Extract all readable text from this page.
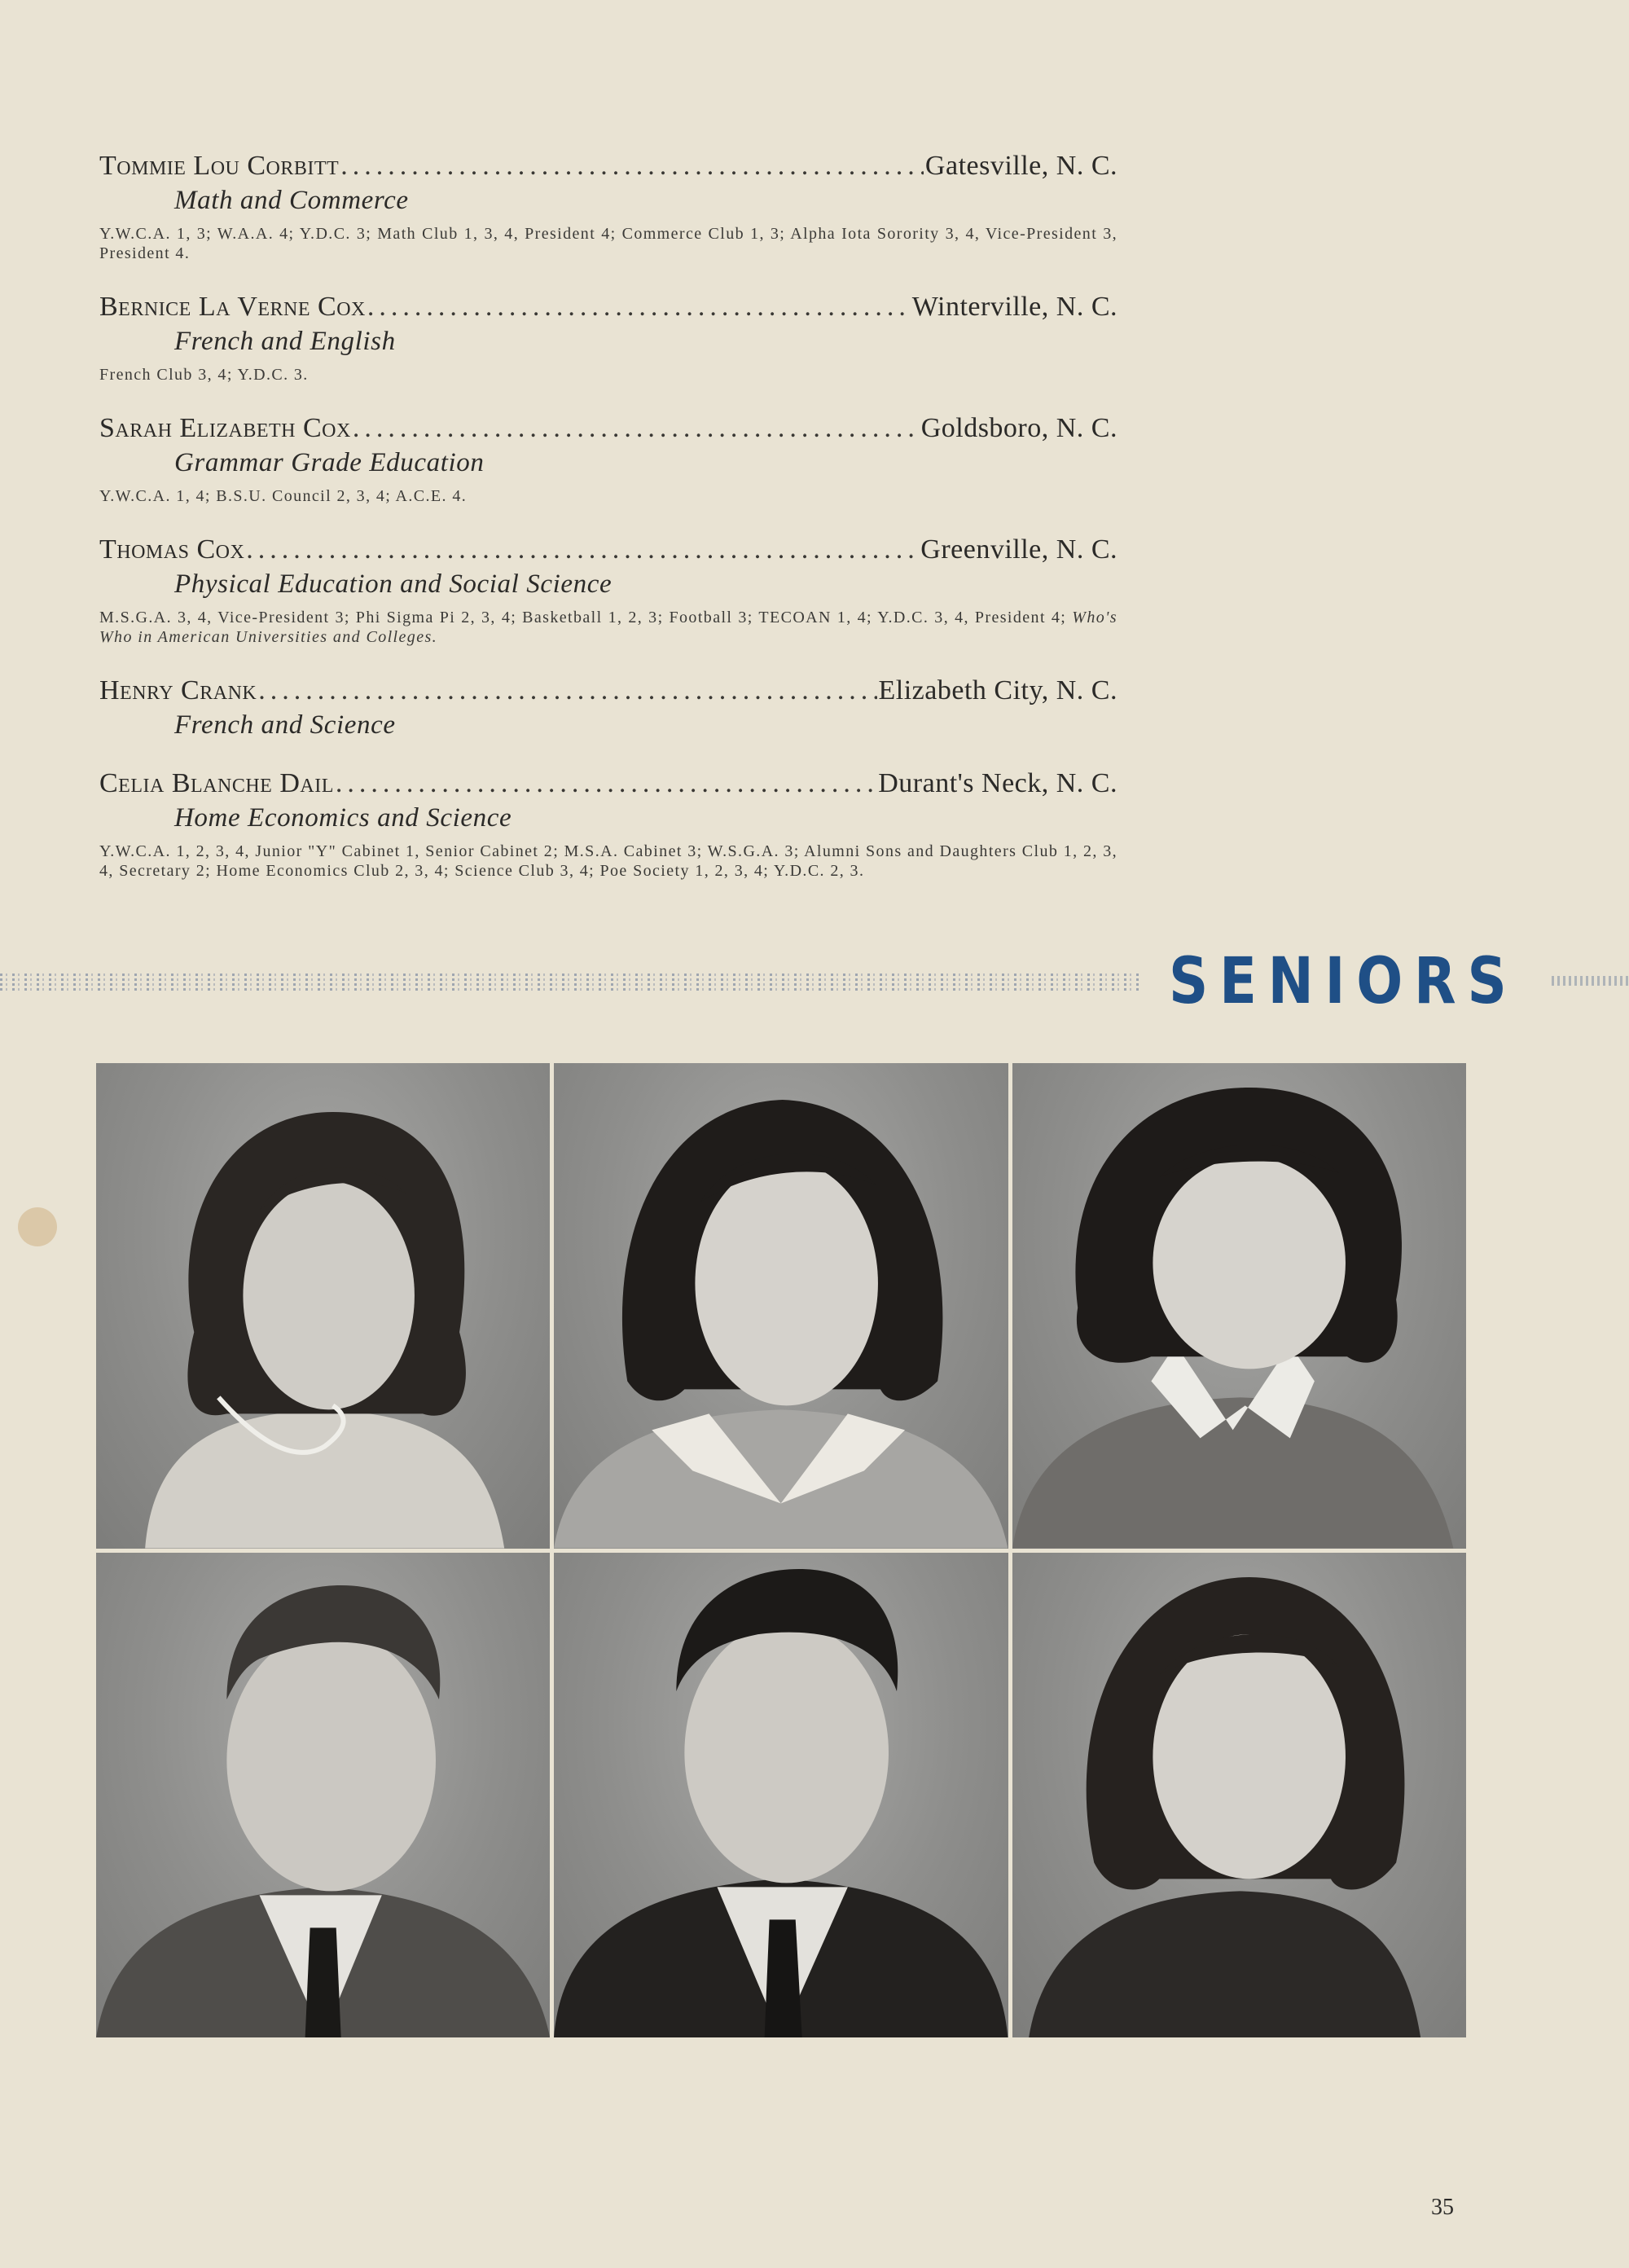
Tommie Lou Corbitt .....	Gatesville, N. C.
Math and Commerce
Y.W.C.A. 1, 3; W.A.A. 4; Y.D.C. 3; Math Club 1, 3, 4, President 4; Commerce Club 1, 3; Alpha Iota Sorority 3, 4, Vice-President 3, President 4.
Bernice La Verne Cox .....	Winterville, N. C.
French and English
French Club 3, 4; Y.D.C. 3.
Sarah Elizabeth Cox .....	Goldsboro, N. C.
Grammar Grade Education
Y.W.C.A. 1, 4; B.S.U. Council 2, 3, 4; A.C.E. 4.
Thomas Cox .....	Greenville, N. C.
Physical Education and Social Science
M.S.G.A. 3, 4, Vice-President 3; Phi Sigma Pi 2, 3, 4; Basketball 1, 2, 3; Football 3; TECOAN 1, 4; Y.D.C. 3, 4, President 4; Who's Who in American Universities and Colleges.
Henry Crank .....	Elizabeth City, N. C.
French and Science
Celia Blanche Dail .....	Durant's Neck, N. C.
Home Economics and Science
Y.W.C.A. 1, 2, 3, 4, Junior "Y" Cabinet 1, Senior Cabinet 2; M.S.A. Cabinet 3; W.S.G.A. 3; Alumni Sons and Daughters Club 1, 2, 3, 4, Secretary 2; Home Economics Club 2, 3, 4; Science Club 3, 4; Poe Society 1, 2, 3, 4; Y.D.C. 2, 3.
SENIORS
35
